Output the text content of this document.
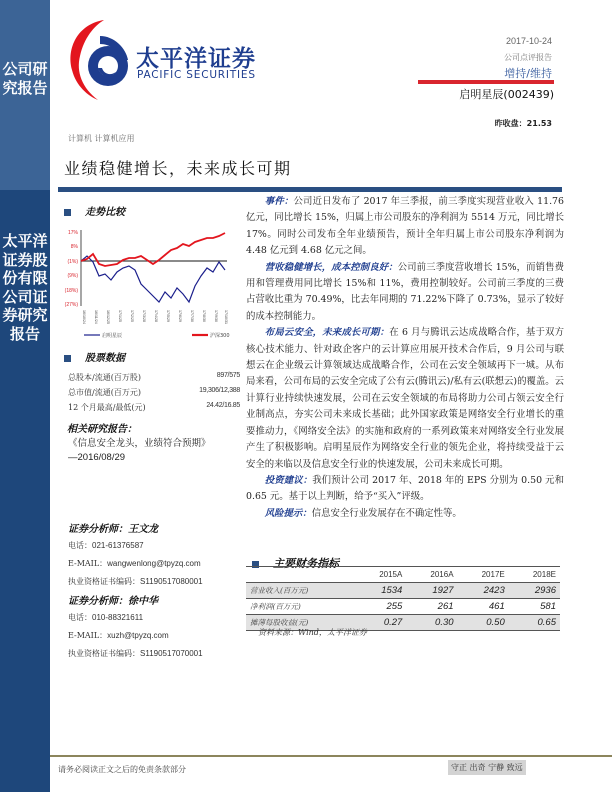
公司研究报告
太平洋证券股份有限公司证券研究报告
太平洋证券
PACIFIC SECURITIES
2017-10-24
公司点评报告
增持/维持
启明星辰(002439)
昨收盘：21.53
计算机 计算机应用
业绩稳健增长，未来成长可期
走势比较
17%
8%
(1%)
(9%)
(18%)
(27%)
16/10/24 16/11/24 16/12/25 17/1/25 17/2/25 17/3/28 17/4/28 17/5/29 17/6/29 17/7/30 17/8/30 17/9/30 17/10/31
启明星辰	沪深300
股票数据
总股本/流通(百万股)	897/575
总市值/流通(百万元)	19,306/12,388
12 个月最高/最低(元)	24.42/16.85
相关研究报告：
《信息安全龙头，业绩符合预期》
—2016/08/29
证券分析师：王文龙
电话：021-61376587
E-MAIL：wangwenlong@tpyzq.com
执业资格证书编码：S1190517080001
证券分析师：徐中华
电话：010-88321611
E-MAIL：xuzh@tpyzq.com
执业资格证书编码：S1190517070001

事件：公司近日发布了 2017 年三季报，前三季度实现营业收入 11.76 亿元，同比增长 15%，归属上市公司股东的净利润为 5514 万元，同比增长 17%。同时公司发布全年业绩预告，预计全年归属上市公司股东净利润为 4.48 亿元到 4.68 亿元之间。

营收稳健增长，成本控制良好：公司前三季度营收增长 15%，而销售费用和管理费用同比增长 15%和 11%，费用控制较好。公司前三季度的三费占营收比重为 70.49%，比去年同期的 71.22%下降了 0.73%，显示了较好的成本控制能力。

布局云安全，未来成长可期：在 6 月与腾讯云达成战略合作，基于双方核心技术能力、针对政企客户的云计算应用展开技术合作后，9 月公司与联想云在企业级云计算领域达成战略合作，公司在云安全领域再下一城。从布局来看，公司布局的云安全完成了公有云(腾讯云)/私有云(联想云)的覆盖。云计算行业持续快速发展，公司在云安全领域的布局将助力公司占领云安全行业制高点，夯实公司未来成长基础；此外国家政策是网络安全行业增长的重要推动力，《网络安全法》的实施和政府的一系列政策来对网络安全行业发展产生了积极影响。启明星辰作为网络安全行业的领先企业，将持续受益于云安全的来临以及信息安全行业的快速发展，公司未来成长可期。

投资建议：我们预计公司 2017 年、2018 年的 EPS 分别为 0.50 元和 0.65 元。基于以上判断，给予“买入”评级。

风险提示：信息安全行业发展存在不确定性等。

主要财务指标
	2015A	2016A	2017E	2018E
营业收入(百万元)	1534	1927	2423	2936
净利润(百万元)	255	261	461	581
摊薄每股收益(元)	0.27	0.30	0.50	0.65
资料来源：Wind，太平洋证券
请务必阅读正文之后的免责条款部分	守正 出奇 宁静 致远
